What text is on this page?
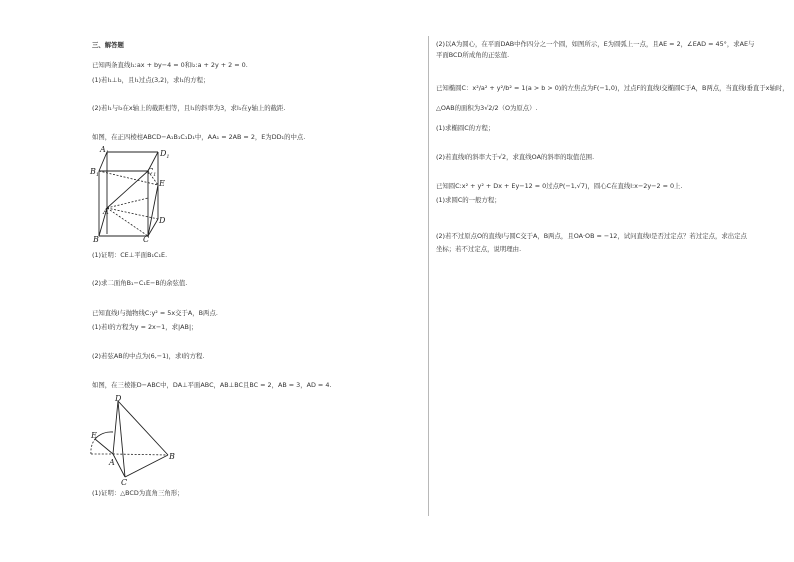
三、解答题
已知两条直线l₁:ax + by−4 = 0和l₂:a + 2y + 2 = 0.
(1)若l₁⊥l₂，且l₁过点(3,2)，求l₁的方程；
(2)若l₁与l₂在x轴上的截距相等，且l₁的斜率为3，求l₁在y轴上的截距.
如图，在正四棱柱ABCD−A₁B₁C₁D₁中，AA₁ = 2AB = 2，E为DD₁的中点.
$A_1$	$D_1$
$B_1$	$C_1$
E
A
D
B	C
(1)证明：CE⊥平面B₁C₁E.
(2)求二面角B₁−C₁E−B的余弦值.
已知直线l与抛物线C:y² = 5x交于A，B两点.
(1)若l的方程为y = 2x−1，求|AB|；
(2)若弦AB的中点为(6,−1)，求l的方程.
如图，在三棱锥D−ABC中，DA⊥平面ABC，AB⊥BC且BC = 2，AB = 3，AD = 4.
D
E
A
B
C
(1)证明：△BCD为直角三角形；
(2)以A为圆心，在平面DAB中作四分之一个圆，如图所示，E为圆弧上一点，且AE = 2，∠EAD = 45°，求AE与
平面BCD所成角的正弦值.
已知椭圆C：x²/a² + y²/b² = 1(a > b > 0)的左焦点为F(−1,0)，过点F的直线l交椭圆C于A，B两点，当直线l垂直于x轴时，
△OAB的面积为3√2/2（O为原点）.
(1)求椭圆C的方程；
(2)若直线l的斜率大于√2，求直线OA的斜率的取值范围.
已知圆C:x² + y² + Dx + Ey−12 = 0过点P(−1,√7)，圆心C在直线l:x−2y−2 = 0上.
(1)求圆C的一般方程；
(2)若不过原点O的直线l与圆C交于A，B两点，且OA·OB = −12，试问直线l是否过定点？若过定点，求出定点
坐标；若不过定点，说明理由.
